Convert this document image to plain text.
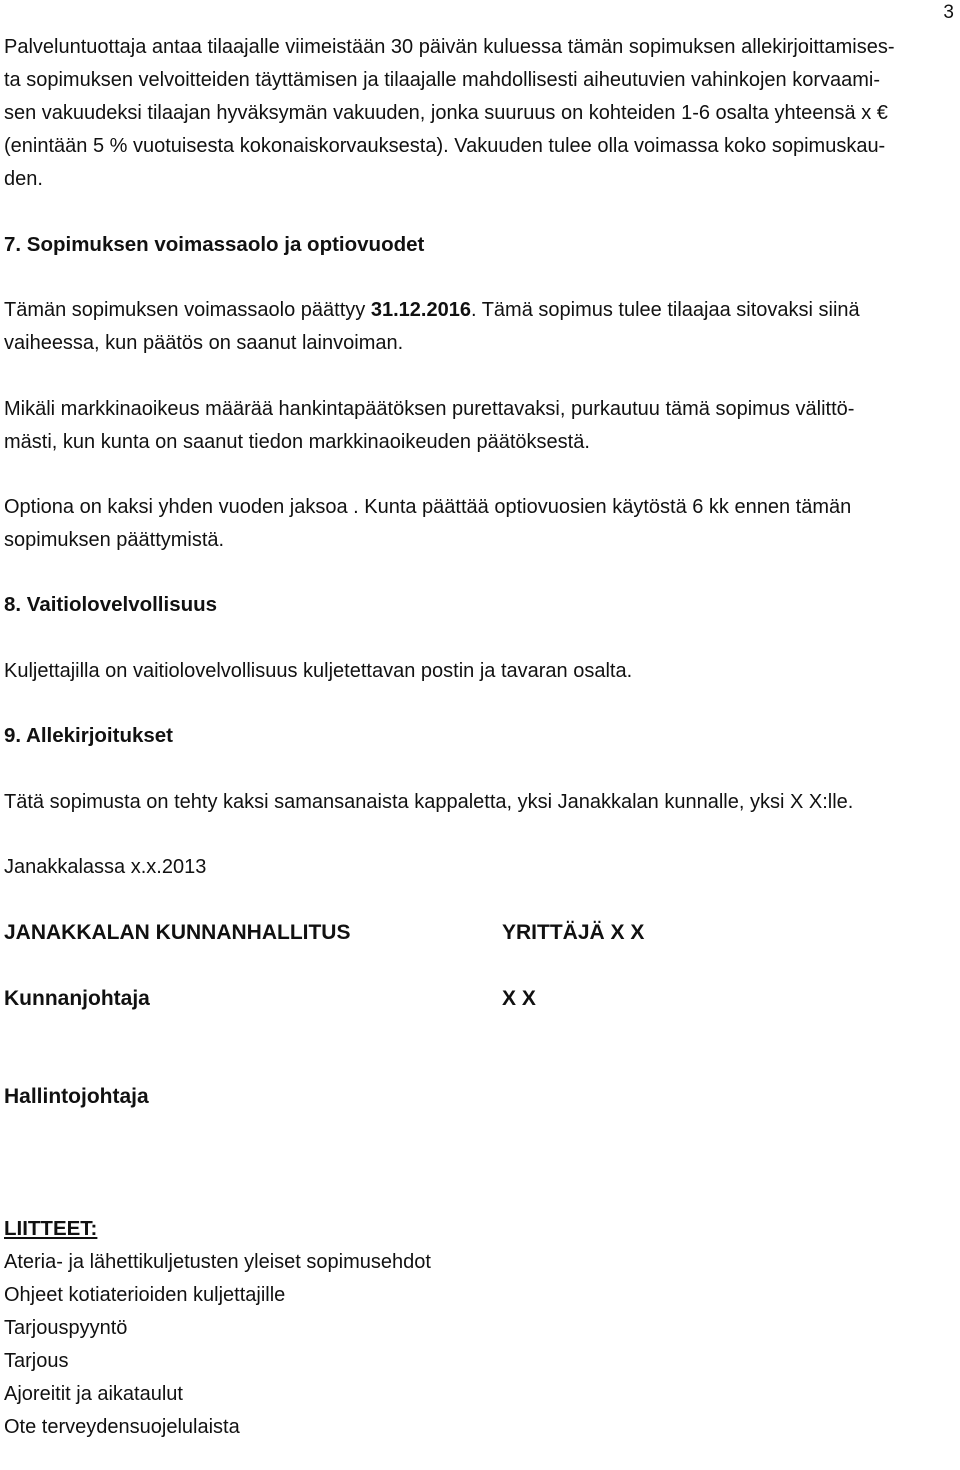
3
Palveluntuottaja antaa tilaajalle viimeistään 30 päivän kuluessa tämän sopimuksen allekirjoittamises-
ta sopimuksen velvoitteiden täyttämisen ja tilaajalle mahdollisesti aiheutuvien vahinkojen korvaami-
sen vakuudeksi tilaajan hyväksymän vakuuden, jonka suuruus on kohteiden 1-6 osalta yhteensä x €
(enintään 5 % vuotuisesta kokonaiskorvauksesta). Vakuuden tulee olla voimassa koko sopimuskau-
den.
7. Sopimuksen voimassaolo ja optiovuodet
Tämän sopimuksen voimassaolo päättyy 31.12.2016. Tämä sopimus tulee tilaajaa sitovaksi siinä
vaiheessa, kun päätös on saanut lainvoiman.
Mikäli markkinaoikeus määrää hankintapäätöksen purettavaksi, purkautuu tämä sopimus välittö-
mästi, kun kunta on saanut tiedon markkinaoikeuden päätöksestä.
Optiona on kaksi yhden vuoden jaksoa . Kunta päättää optiovuosien käytöstä 6 kk ennen tämän
sopimuksen päättymistä.
8. Vaitiolovelvollisuus
Kuljettajilla on vaitiolovelvollisuus kuljetettavan postin ja tavaran osalta.
9. Allekirjoitukset
Tätä sopimusta on tehty kaksi samansanaista kappaletta, yksi Janakkalan kunnalle, yksi X X:lle.
Janakkalassa x.x.2013
JANAKKALAN KUNNANHALLITUS	YRITTÄJÄ X X
Kunnanjohtaja	X X
Hallintojohtaja
LIITTEET:
Ateria- ja lähettikuljetusten yleiset sopimusehdot
Ohjeet kotiaterioiden kuljettajille
Tarjouspyyntö
Tarjous
Ajoreitit ja aikataulut
Ote terveydensuojelulaista
